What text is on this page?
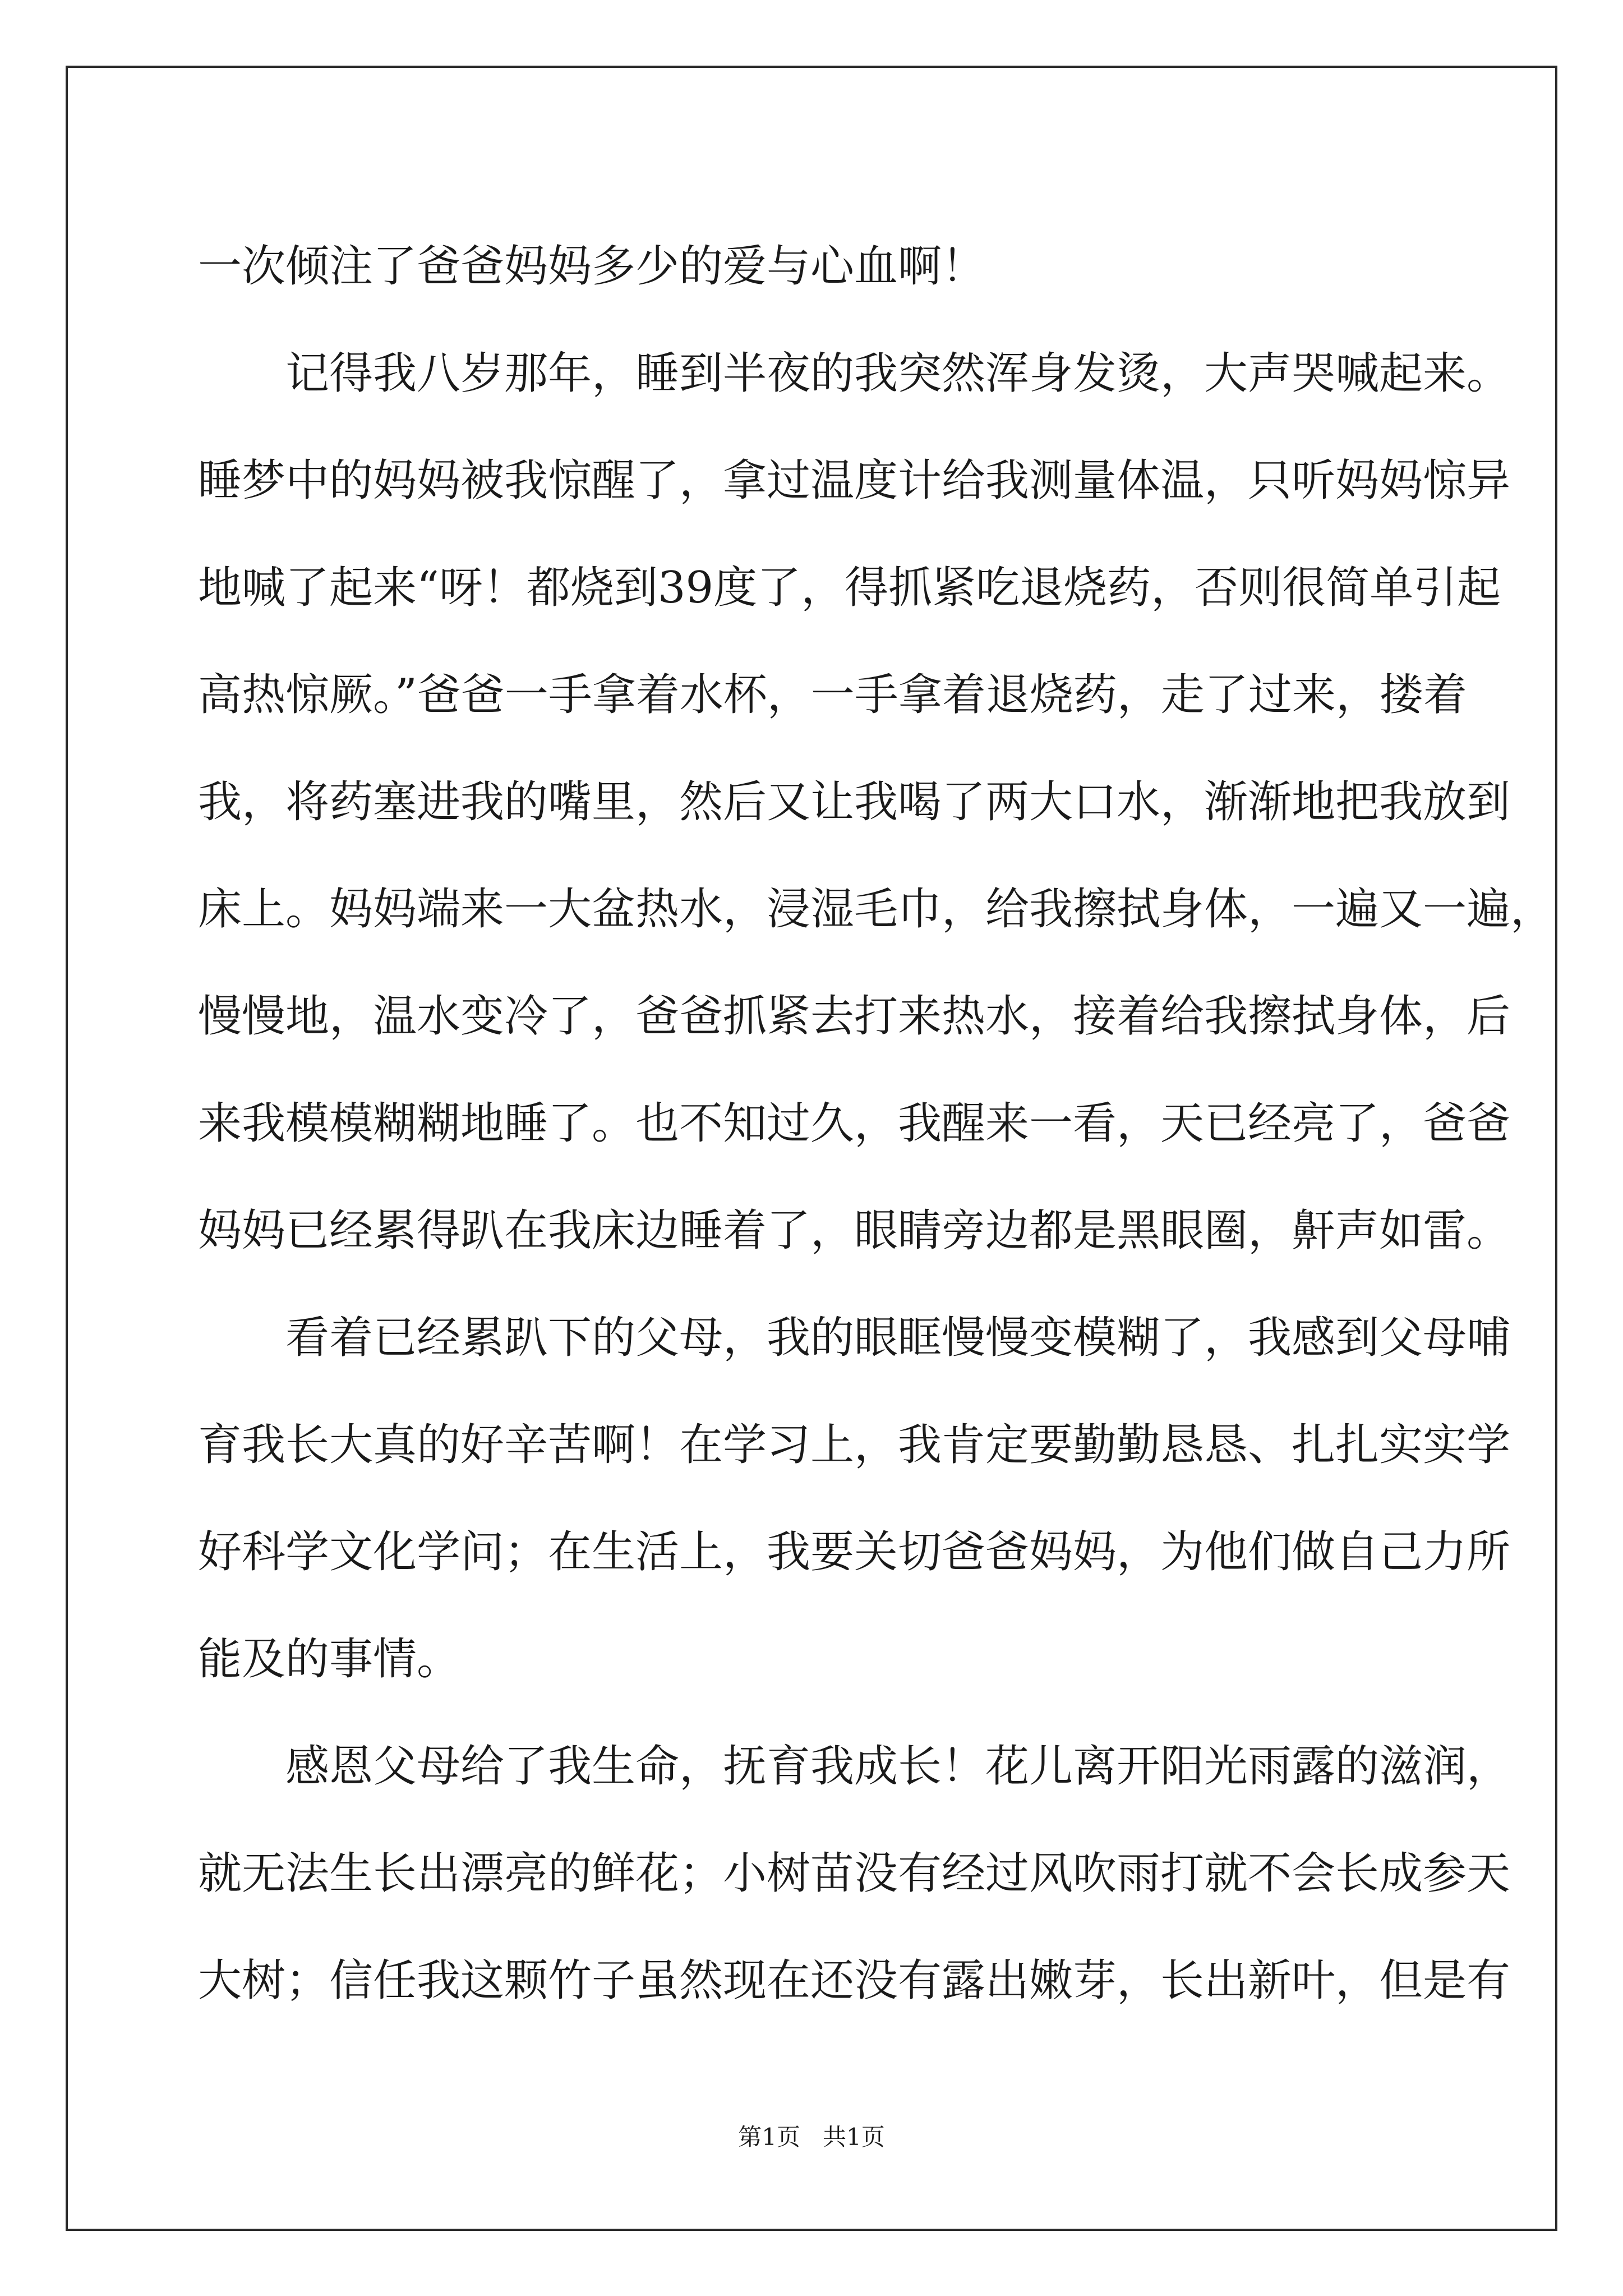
一次倾注了爸爸妈妈多少的爱与心血啊！
记得我八岁那年，睡到半夜的我突然浑身发烫，大声哭喊起来。
睡梦中的妈妈被我惊醒了，拿过温度计给我测量体温，只听妈妈惊异
地喊了起来“呀！都烧到39度了，得抓紧吃退烧药，否则很简单引起
高热惊厥。”爸爸一手拿着水杯，一手拿着退烧药，走了过来，搂着
我，将药塞进我的嘴里，然后又让我喝了两大口水，渐渐地把我放到
床上。妈妈端来一大盆热水，浸湿毛巾，给我擦拭身体，一遍又一遍，
慢慢地，温水变冷了，爸爸抓紧去打来热水，接着给我擦拭身体，后
来我模模糊糊地睡了。也不知过久，我醒来一看，天已经亮了，爸爸
妈妈已经累得趴在我床边睡着了，眼睛旁边都是黑眼圈，鼾声如雷。
看着已经累趴下的父母，我的眼眶慢慢变模糊了，我感到父母哺
育我长大真的好辛苦啊！在学习上，我肯定要勤勤恳恳、扎扎实实学
好科学文化学问；在生活上，我要关切爸爸妈妈，为他们做自己力所
能及的事情。
感恩父母给了我生命，抚育我成长！花儿离开阳光雨露的滋润，
就无法生长出漂亮的鲜花；小树苗没有经过风吹雨打就不会长成参天
大树；信任我这颗竹子虽然现在还没有露出嫩芽，长出新叶，但是有
第1页 共1页
